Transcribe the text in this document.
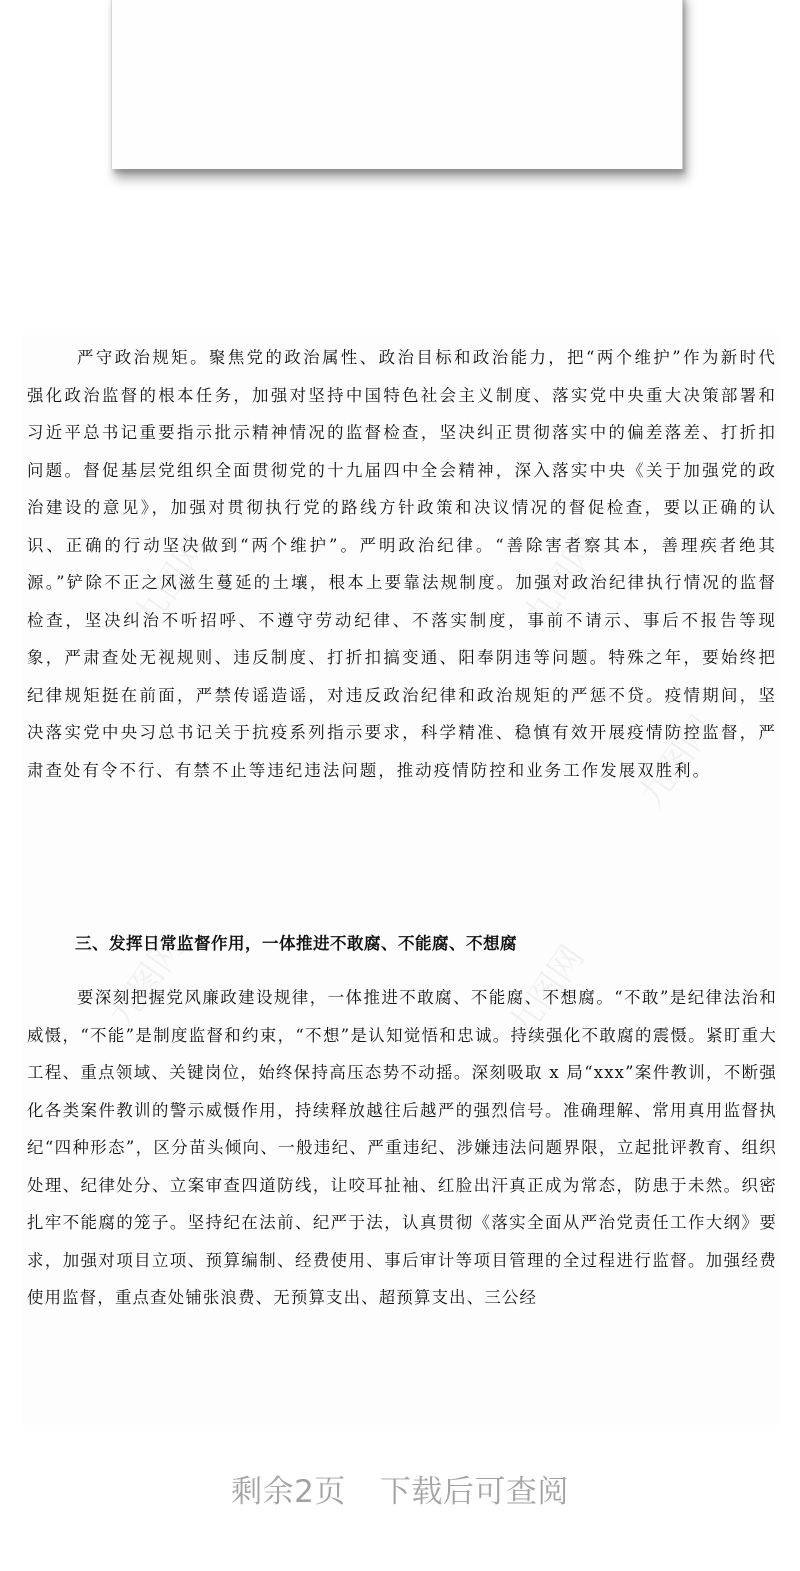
严守政治规矩。聚焦党的政治属性、政治目标和政治能力，把“两个维护”作为新时代强化政治监督的根本任务，加强对坚持中国特色社会主义制度、落实党中央重大决策部署和习近平总书记重要指示批示精神情况的监督检查，坚决纠正贯彻落实中的偏差落差、打折扣问题。督促基层党组织全面贯彻党的十九届四中全会精神，深入落实中央《关于加强党的政治建设的意见》，加强对贯彻执行党的路线方针政策和决议情况的督促检查，要以正确的认识、正确的行动坚决做到“两个维护”。严明政治纪律。“善除害者察其本，善理疾者绝其源。”铲除不正之风滋生蔓延的土壤，根本上要靠法规制度。加强对政治纪律执行情况的监督检查，坚决纠治不听招呼、不遵守劳动纪律、不落实制度，事前不请示、事后不报告等现象，严肃查处无视规则、违反制度、打折扣搞变通、阳奉阴违等问题。特殊之年，要始终把纪律规矩挺在前面，严禁传谣造谣，对违反政治纪律和政治规矩的严惩不贷。疫情期间，坚决落实党中央习总书记关于抗疫系列指示要求，科学精准、稳慎有效开展疫情防控监督，严肃查处有令不行、有禁不止等违纪违法问题，推动疫情防控和业务工作发展双胜利。

三、发挥日常监督作用，一体推进不敢腐、不能腐、不想腐

要深刻把握党风廉政建设规律，一体推进不敢腐、不能腐、不想腐。“不敢”是纪律法治和威慑，“不能”是制度监督和约束，“不想”是认知觉悟和忠诚。持续强化不敢腐的震慑。紧盯重大工程、重点领域、关键岗位，始终保持高压态势不动摇。深刻吸取 x 局“xxx”案件教训，不断强化各类案件教训的警示威慑作用，持续释放越往后越严的强烈信号。准确理解、常用真用监督执纪“四种形态”，区分苗头倾向、一般违纪、严重违纪、涉嫌违法问题界限，立起批评教育、组织处理、纪律处分、立案审查四道防线，让咬耳扯袖、红脸出汗真正成为常态，防患于未然。织密扎牢不能腐的笼子。坚持纪在法前、纪严于法，认真贯彻《落实全面从严治党责任工作大纲》要求，加强对项目立项、预算编制、经费使用、事后审计等项目管理的全过程进行监督。加强经费使用监督，重点查处铺张浪费、无预算支出、超预算支出、三公经

九图网	九图网
九图网
九图网	九图网
剩余2页 下载后可查阅
